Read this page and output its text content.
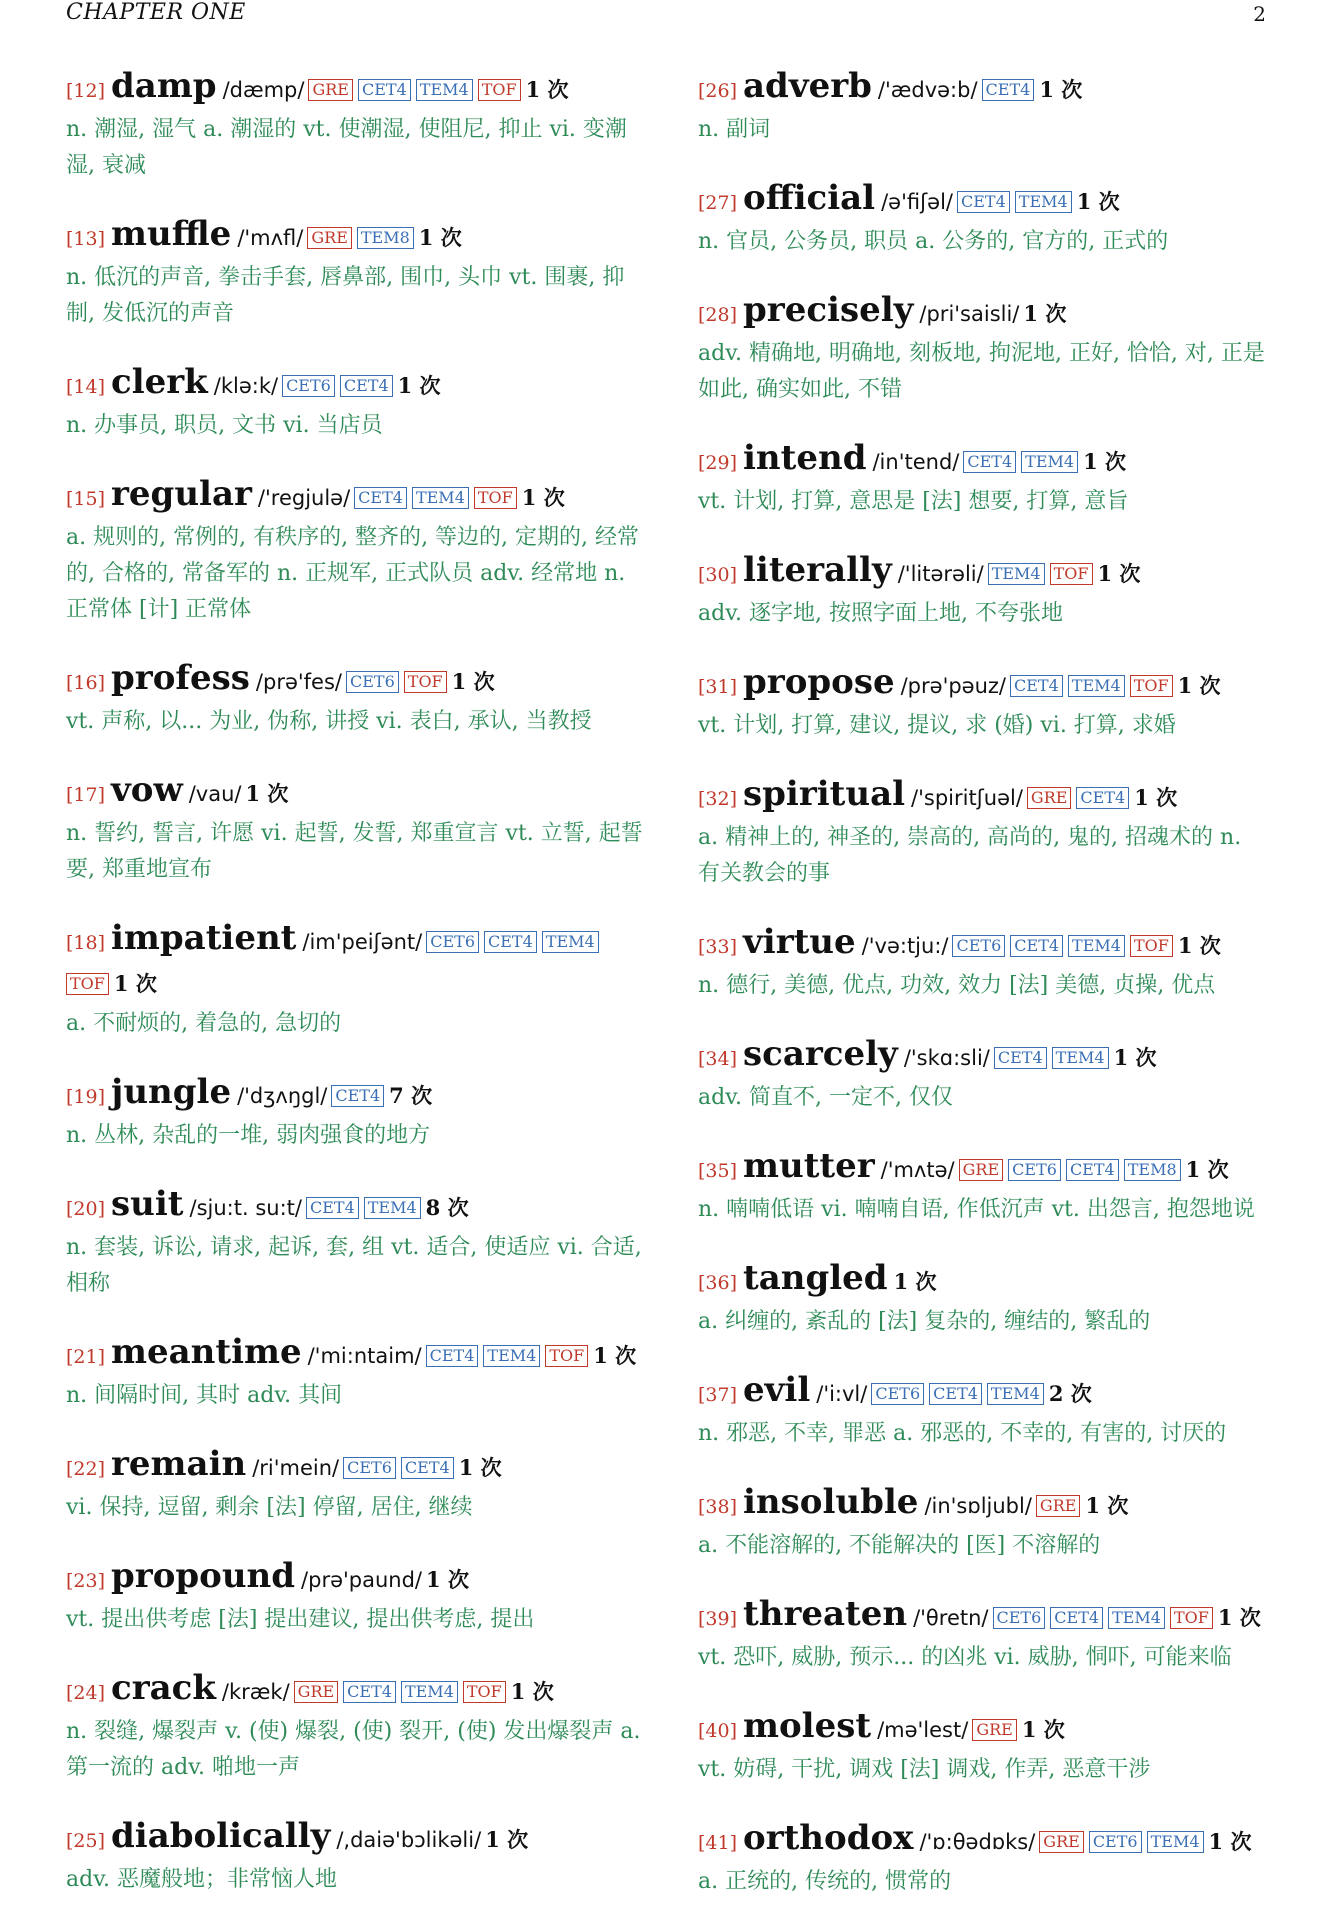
CHAPTER ONE	2
[12] damp /dæmp/ GRE CET4 TEM4 TOF 1 次
n. 潮湿, 湿气 a. 潮湿的 vt. 使潮湿, 使阻尼, 抑止 vi. 变潮湿, 衰减
[13] muffle /'mʌfl/ GRE TEM8 1 次
n. 低沉的声音, 拳击手套, 唇鼻部, 围巾, 头巾 vt. 围裹, 抑制, 发低沉的声音
[14] clerk /klə:k/ CET6 CET4 1 次
n. 办事员, 职员, 文书 vi. 当店员
[15] regular /'regjulə/ CET4 TEM4 TOF 1 次
a. 规则的, 常例的, 有秩序的, 整齐的, 等边的, 定期的, 经常的, 合格的, 常备军的 n. 正规军, 正式队员 adv. 经常地 n. 正常体 [计] 正常体
[16] profess /prə'fes/ CET6 TOF 1 次
vt. 声称, 以... 为业, 伪称, 讲授 vi. 表白, 承认, 当教授
[17] vow /vau/ 1 次
n. 誓约, 誓言, 许愿 vi. 起誓, 发誓, 郑重宣言 vt. 立誓, 起誓要, 郑重地宣布
[18] impatient /im'peiʃənt/ CET6 CET4 TEM4TOF 1 次
a. 不耐烦的, 着急的, 急切的
[19] jungle /'dʒʌŋgl/ CET4 7 次
n. 丛林, 杂乱的一堆, 弱肉强食的地方
[20] suit /sju:t. su:t/ CET4 TEM4 8 次
n. 套装, 诉讼, 请求, 起诉, 套, 组 vt. 适合, 使适应 vi. 合适, 相称
[21] meantime /'mi:ntaim/ CET4 TEM4 TOF 1 次
n. 间隔时间, 其时 adv. 其间
[22] remain /ri'mein/ CET6 CET4 1 次
vi. 保持, 逗留, 剩余 [法] 停留, 居住, 继续
[23] propound /prə'paund/ 1 次
vt. 提出供考虑 [法] 提出建议, 提出供考虑, 提出
[24] crack /kræk/ GRE CET4 TEM4 TOF 1 次
n. 裂缝, 爆裂声 v. (使) 爆裂, (使) 裂开, (使) 发出爆裂声 a. 第一流的 adv. 啪地一声
[25] diabolically /,daiə'bɔlikəli/ 1 次
adv. 恶魔般地；非常恼人地
[26] adverb /'ædvə:b/ CET4 1 次
n. 副词
[27] official /ə'fiʃəl/ CET4 TEM4 1 次
n. 官员, 公务员, 职员 a. 公务的, 官方的, 正式的
[28] precisely /pri'saisli/ 1 次
adv. 精确地, 明确地, 刻板地, 拘泥地, 正好, 恰恰, 对, 正是如此, 确实如此, 不错
[29] intend /in'tend/ CET4 TEM4 1 次
vt. 计划, 打算, 意思是 [法] 想要, 打算, 意旨
[30] literally /'litərəli/ TEM4 TOF 1 次
adv. 逐字地, 按照字面上地, 不夸张地
[31] propose /prə'pəuz/ CET4 TEM4 TOF 1 次
vt. 计划, 打算, 建议, 提议, 求 (婚) vi. 打算, 求婚
[32] spiritual /'spiritʃuəl/ GRE CET4 1 次
a. 精神上的, 神圣的, 崇高的, 高尚的, 鬼的, 招魂术的 n. 有关教会的事
[33] virtue /'və:tju:/ CET6 CET4 TEM4 TOF 1 次
n. 德行, 美德, 优点, 功效, 效力 [法] 美德, 贞操, 优点
[34] scarcely /'skɑ:sli/ CET4 TEM4 1 次
adv. 简直不, 一定不, 仅仅
[35] mutter /'mʌtə/ GRE CET6 CET4 TEM8 1 次
n. 喃喃低语 vi. 喃喃自语, 作低沉声 vt. 出怨言, 抱怨地说
[36] tangled 1 次
a. 纠缠的, 紊乱的 [法] 复杂的, 缠结的, 繁乱的
[37] evil /'i:vl/ CET6 CET4 TEM4 2 次
n. 邪恶, 不幸, 罪恶 a. 邪恶的, 不幸的, 有害的, 讨厌的
[38] insoluble /in'sɒljubl/ GRE 1 次
a. 不能溶解的, 不能解决的 [医] 不溶解的
[39] threaten /'θretn/ CET6 CET4 TEM4 TOF 1 次
vt. 恐吓, 威胁, 预示... 的凶兆 vi. 威胁, 恫吓, 可能来临
[40] molest /mə'lest/ GRE 1 次
vt. 妨碍, 干扰, 调戏 [法] 调戏, 作弄, 恶意干涉
[41] orthodox /'ɒ:θədɒks/ GRE CET6 TEM4 1 次
a. 正统的, 传统的, 惯常的
